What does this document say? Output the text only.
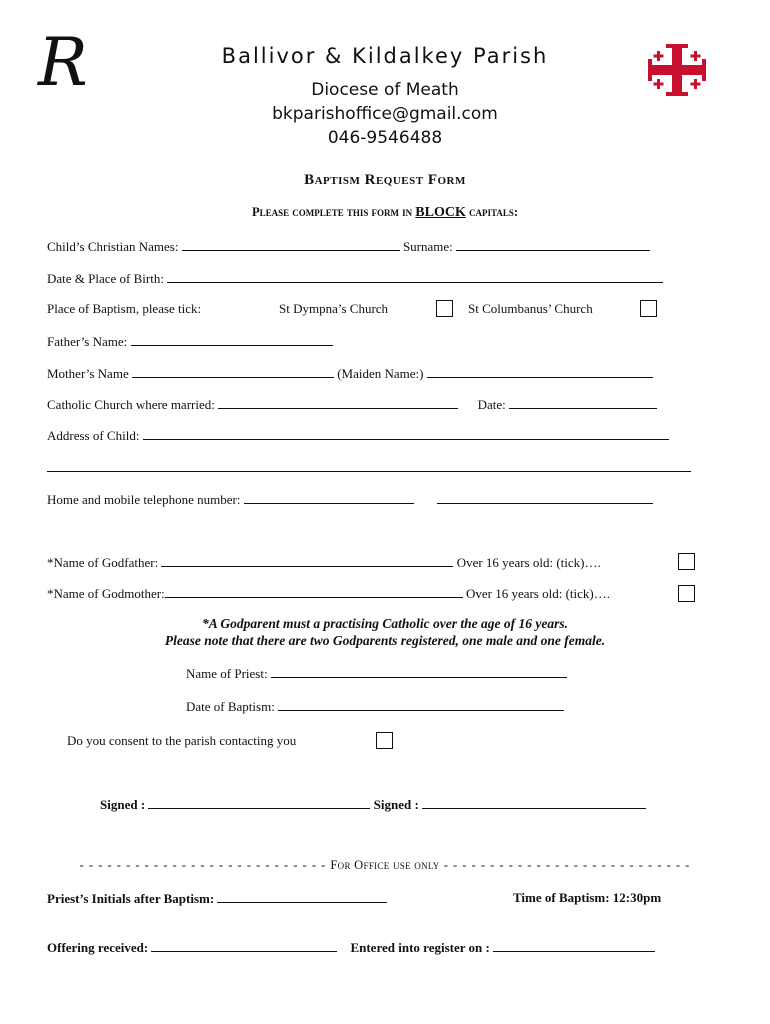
R	Ballivor & Kildalkey Parish
Diocese of Meath
bkparishoffice@gmail.com
046-9546488
Baptism Request Form
Please complete this form in BLOCK capitals:
Child’s Christian Names:	Surname:
Date & Place of Birth:
Place of Baptism, please tick:	St Dympna’s Church	St Columbanus’ Church
Father’s Name:
Mother’s Name	(Maiden Name:)
Catholic Church where married:	Date:
Address of Child:
Home and mobile telephone number:
*Name of Godfather:	Over 16 years old: (tick)….
*Name of Godmother:	Over 16 years old: (tick)….
*A Godparent must a practising Catholic over the age of 16 years.
Please note that there are two Godparents registered, one male and one female.
Name of Priest:
Date of Baptism:
Do you consent to the parish contacting you
Signed :	Signed :
- - - - - - - - - - - - - - - - - - - - - - - - - - - For Office use only - - - - - - - - - - - - - - - - - - - - - - - - - - -
Priest’s Initials after Baptism:	Time of Baptism: 12:30pm
Offering received:	Entered into register on :
